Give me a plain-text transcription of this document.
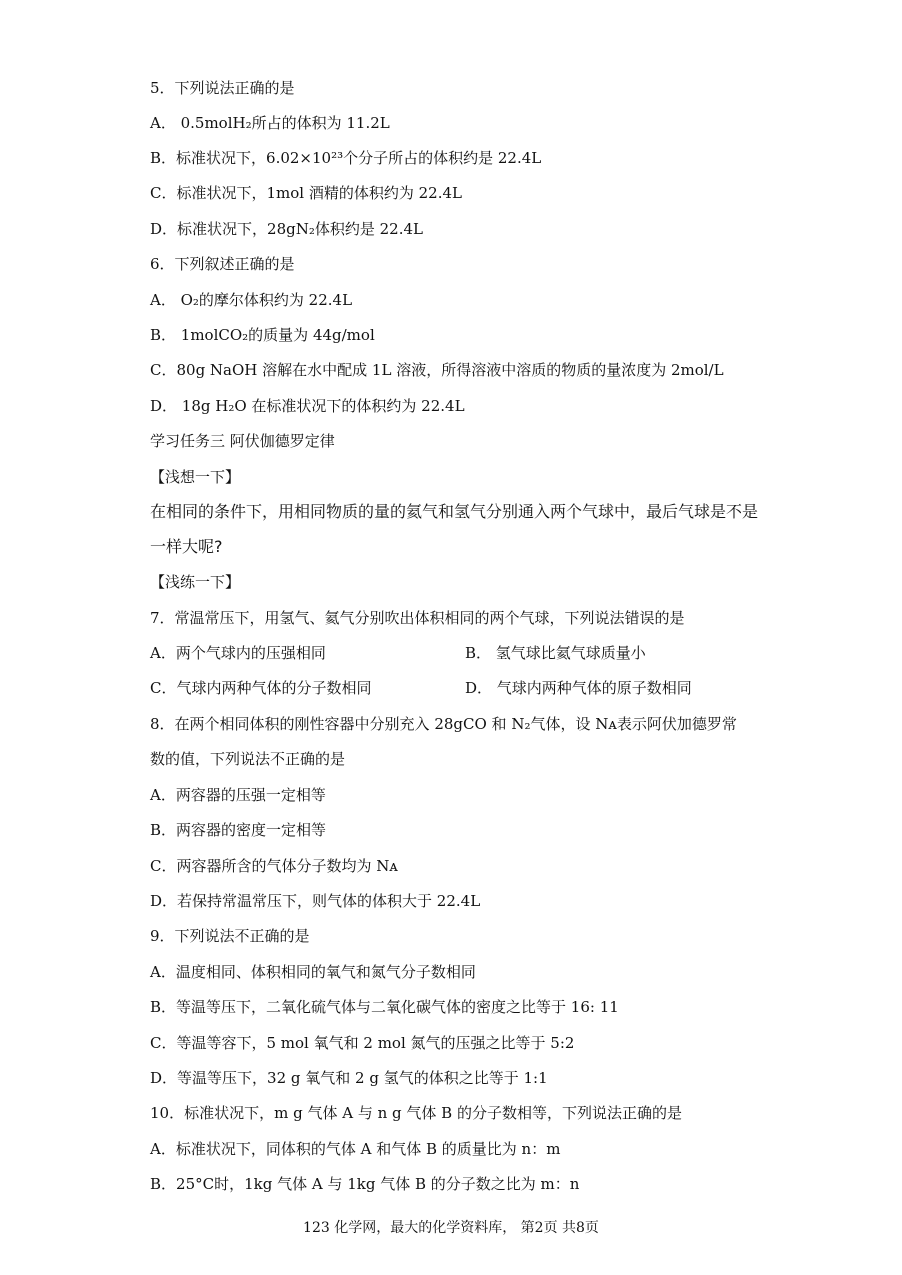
5．下列说法正确的是
A． 0.5molH₂所占的体积为 11.2L
B．标准状况下，6.02×10²³个分子所占的体积约是 22.4L
C．标准状况下，1mol 酒精的体积约为 22.4L
D．标准状况下，28gN₂体积约是 22.4L
6．下列叙述正确的是
A． O₂的摩尔体积约为 22.4L
B． 1molCO₂的质量为 44g/mol
C．80g NaOH 溶解在水中配成 1L 溶液，所得溶液中溶质的物质的量浓度为 2mol/L
D． 18g H₂O 在标准状况下的体积约为 22.4L
学习任务三 阿伏伽德罗定律
【浅想一下】
在相同的条件下，用相同物质的量的氦气和氢气分别通入两个气球中，最后气球是不是
一样大呢?
【浅练一下】
7．常温常压下，用氢气、氦气分别吹出体积相同的两个气球，下列说法错误的是
A．两个气球内的压强相同	B． 氢气球比氦气球质量小
C．气球内两种气体的分子数相同	D． 气球内两种气体的原子数相同
8．在两个相同体积的刚性容器中分别充入 28gCO 和 N₂气体，设 Nᴀ表示阿伏加德罗常
数的值，下列说法不正确的是
A．两容器的压强一定相等
B．两容器的密度一定相等
C．两容器所含的气体分子数均为 Nᴀ
D．若保持常温常压下，则气体的体积大于 22.4L
9．下列说法不正确的是
A．温度相同、体积相同的氧气和氮气分子数相同
B．等温等压下，二氧化硫气体与二氧化碳气体的密度之比等于 16: 11
C．等温等容下，5 mol 氧气和 2 mol 氮气的压强之比等于 5:2
D．等温等压下，32 g 氧气和 2 g 氢气的体积之比等于 1:1
10．标准状况下，m g 气体 A 与 n g 气体 B 的分子数相等，下列说法正确的是
A．标准状况下，同体积的气体 A 和气体 B 的质量比为 n：m
B．25°C时，1kg 气体 A 与 1kg 气体 B 的分子数之比为 m：n
123 化学网，最大的化学资料库， 第2页 共8页
